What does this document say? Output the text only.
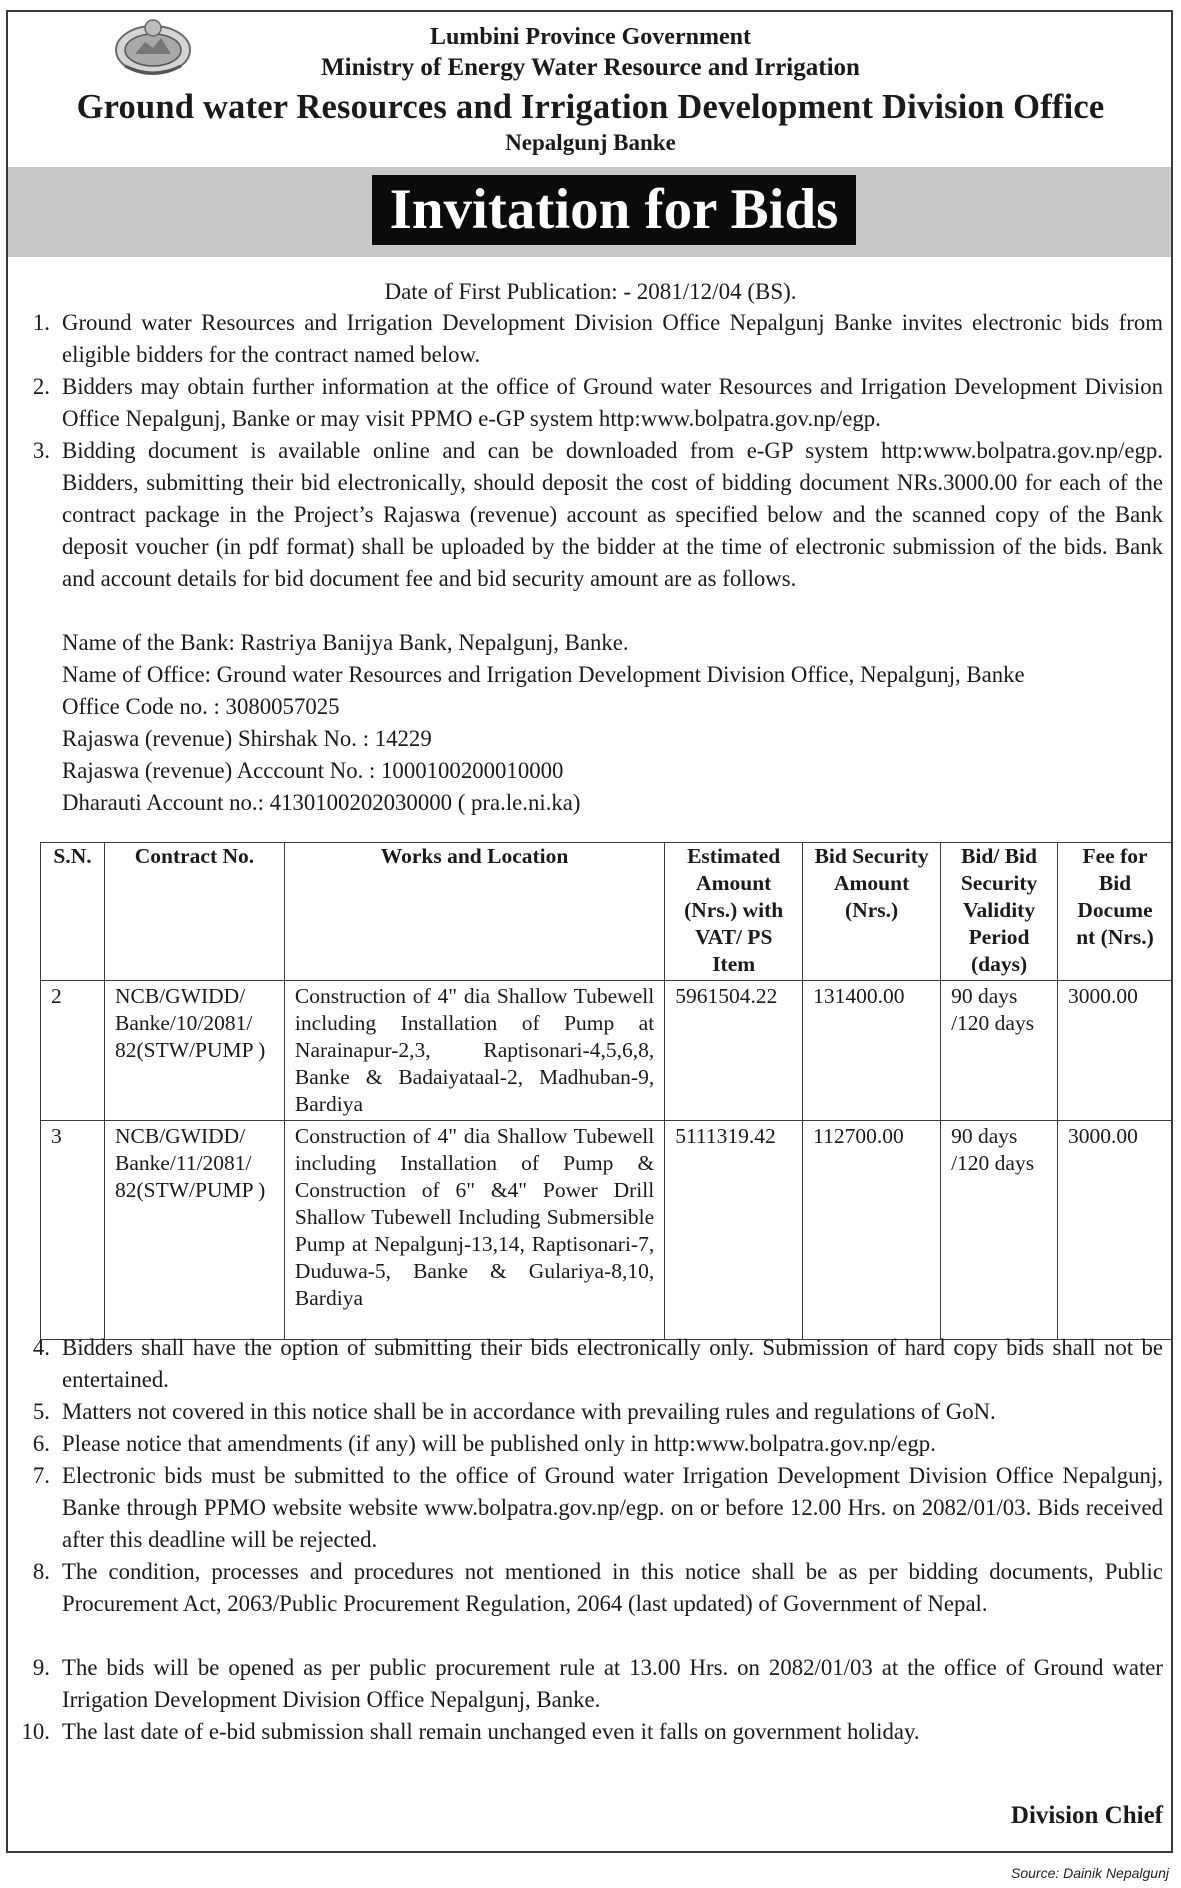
Lumbini Province Government
Ministry of Energy Water Resource and Irrigation
Ground water Resources and Irrigation Development Division Office
Nepalgunj Banke
Invitation for Bids
Date of First Publication: - 2081/12/04 (BS).
1. Ground water Resources and Irrigation Development Division Office Nepalgunj Banke invites electronic bids from eligible bidders for the contract named below.
2. Bidders may obtain further information at the office of Ground water Resources and Irrigation Development Division Office Nepalgunj, Banke or may visit PPMO e-GP system http:www.bolpatra.gov.np/egp.
3. Bidding document is available online and can be downloaded from e-GP system http:www.bolpatra.gov.np/egp. Bidders, submitting their bid electronically, should deposit the cost of bidding document NRs.3000.00 for each of the contract package in the Project’s Rajaswa (revenue) account as specified below and the scanned copy of the Bank deposit voucher (in pdf format) shall be uploaded by the bidder at the time of electronic submission of the bids. Bank and account details for bid document fee and bid security amount are as follows.
Name of the Bank: Rastriya Banijya Bank, Nepalgunj, Banke.
Name of Office: Ground water Resources and Irrigation Development Division Office, Nepalgunj, Banke
Office Code no. : 3080057025
Rajaswa (revenue) Shirshak No. : 14229
Rajaswa (revenue) Acccount No. : 1000100200010000
Dharauti Account no.: 4130100202030000 ( pra.le.ni.ka)
S.N.	Contract No.	Works and Location	Estimated Amount (Nrs.) with VAT/ PS Item	Bid Security Amount (Nrs.)	Bid/ Bid Security Validity Period (days)	Fee for Bid Docume nt (Nrs.)
2	NCB/GWIDD/ Banke/10/2081/ 82(STW/PUMP )	Construction of 4" dia Shallow Tubewell including Installation of Pump at Narainapur-2,3, Raptisonari-4,5,6,8, Banke & Badaiyataal-2, Madhuban-9, Bardiya	5961504.22	131400.00	90 days /120 days	3000.00
3	NCB/GWIDD/ Banke/11/2081/ 82(STW/PUMP )	Construction of 4" dia Shallow Tubewell including Installation of Pump & Construction of 6" &4" Power Drill Shallow Tubewell Including Submersible Pump at Nepalgunj-13,14, Raptisonari-7, Duduwa-5, Banke & Gulariya-8,10, Bardiya	5111319.42	112700.00	90 days /120 days	3000.00
4. Bidders shall have the option of submitting their bids electronically only. Submission of hard copy bids shall not be entertained.
5. Matters not covered in this notice shall be in accordance with prevailing rules and regulations of GoN.
6. Please notice that amendments (if any) will be published only in http:www.bolpatra.gov.np/egp.
7. Electronic bids must be submitted to the office of Ground water Irrigation Development Division Office Nepalgunj, Banke through PPMO website website www.bolpatra.gov.np/egp. on or before 12.00 Hrs. on 2082/01/03. Bids received after this deadline will be rejected.
8. The condition, processes and procedures not mentioned in this notice shall be as per bidding documents, Public Procurement Act, 2063/Public Procurement Regulation, 2064 (last updated) of Government of Nepal.
9. The bids will be opened as per public procurement rule at 13.00 Hrs. on 2082/01/03 at the office of Ground water Irrigation Development Division Office Nepalgunj, Banke.
10. The last date of e-bid submission shall remain unchanged even it falls on government holiday.
Division Chief
Source: Dainik Nepalgunj
